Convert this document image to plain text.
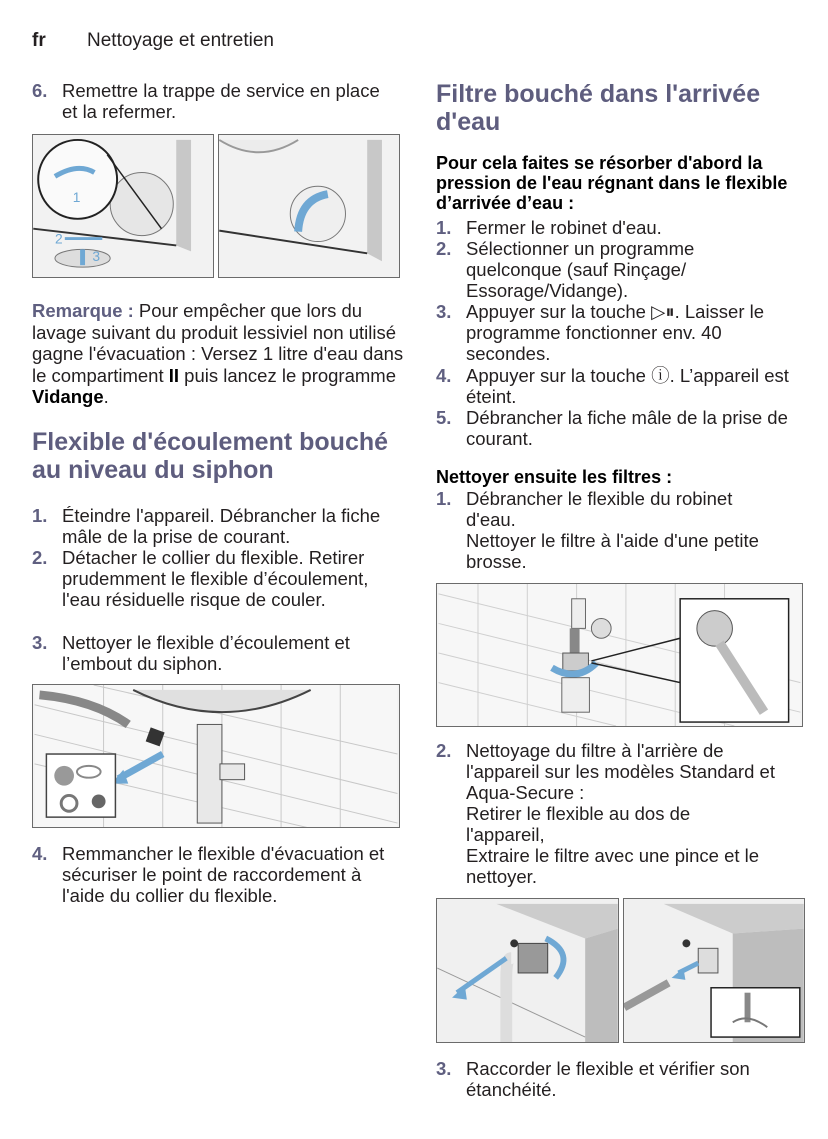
fr Nettoyage et entretien
6. Remettre la trappe de service en place et la refermer.
1
2
3
Remarque : Pour empêcher que lors du lavage suivant du produit lessiviel non utilisé gagne l'évacuation : Versez 1 litre d'eau dans le compartiment II puis lancez le programme Vidange.
Flexible d'écoulement bouché au niveau du siphon
1. Éteindre l'appareil. Débrancher la fiche mâle de la prise de courant.
2. Détacher le collier du flexible. Retirer prudemment le flexible d’écoulement, l'eau résiduelle risque de couler.
3. Nettoyer le flexible d’écoulement et l’embout du siphon.
4. Remmancher le flexible d'évacuation et sécuriser le point de raccordement à l'aide du collier du flexible.
Filtre bouché dans l'arrivée d'eau
Pour cela faites se résorber d'abord la pression de l'eau régnant dans le flexible d’arrivée d’eau :
1. Fermer le robinet d'eau.
2. Sélectionner un programme quelconque (sauf Rinçage/ Essorage/Vidange).
3. Appuyer sur la touche ▷⏸. Laisser le programme fonctionner env. 40 secondes.
4. Appuyer sur la touche ⓘ. L’appareil est éteint.
5. Débrancher la fiche mâle de la prise de courant.
Nettoyer ensuite les filtres :
1. Débrancher le flexible du robinet d'eau.
Nettoyer le filtre à l'aide d'une petite brosse.
2. Nettoyage du filtre à l'arrière de l'appareil sur les modèles Standard et Aqua-Secure :
Retirer le flexible au dos de l'appareil,
Extraire le filtre avec une pince et le nettoyer.
3. Raccorder le flexible et vérifier son étanchéité.
